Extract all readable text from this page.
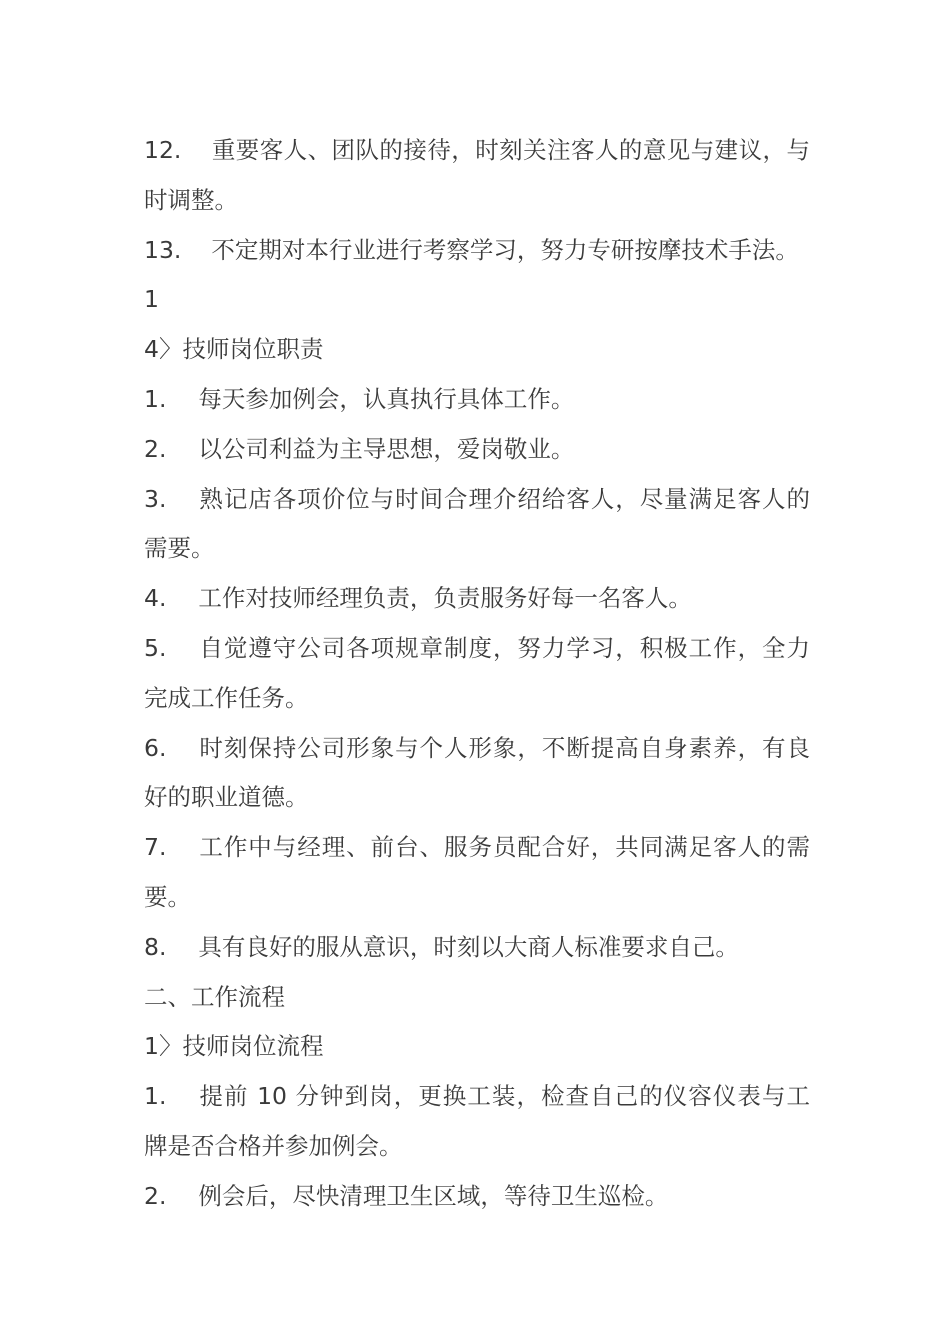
12. 重要客人、团队的接待，时刻关注客人的意见与建议，与
时调整。
13. 不定期对本行业进行考察学习，努力专研按摩技术手法。
1
4〉技师岗位职责
1. 每天参加例会，认真执行具体工作。
2. 以公司利益为主导思想，爱岗敬业。
3. 熟记店各项价位与时间合理介绍给客人，尽量满足客人的
需要。
4. 工作对技师经理负责，负责服务好每一名客人。
5. 自觉遵守公司各项规章制度，努力学习，积极工作，全力
完成工作任务。
6. 时刻保持公司形象与个人形象，不断提高自身素养，有良
好的职业道德。
7. 工作中与经理、前台、服务员配合好，共同满足客人的需
要。
8. 具有良好的服从意识，时刻以大商人标准要求自己。
二、工作流程
1〉技师岗位流程
1. 提前 10 分钟到岗，更换工装，检查自己的仪容仪表与工
牌是否合格并参加例会。
2. 例会后，尽快清理卫生区域，等待卫生巡检。
